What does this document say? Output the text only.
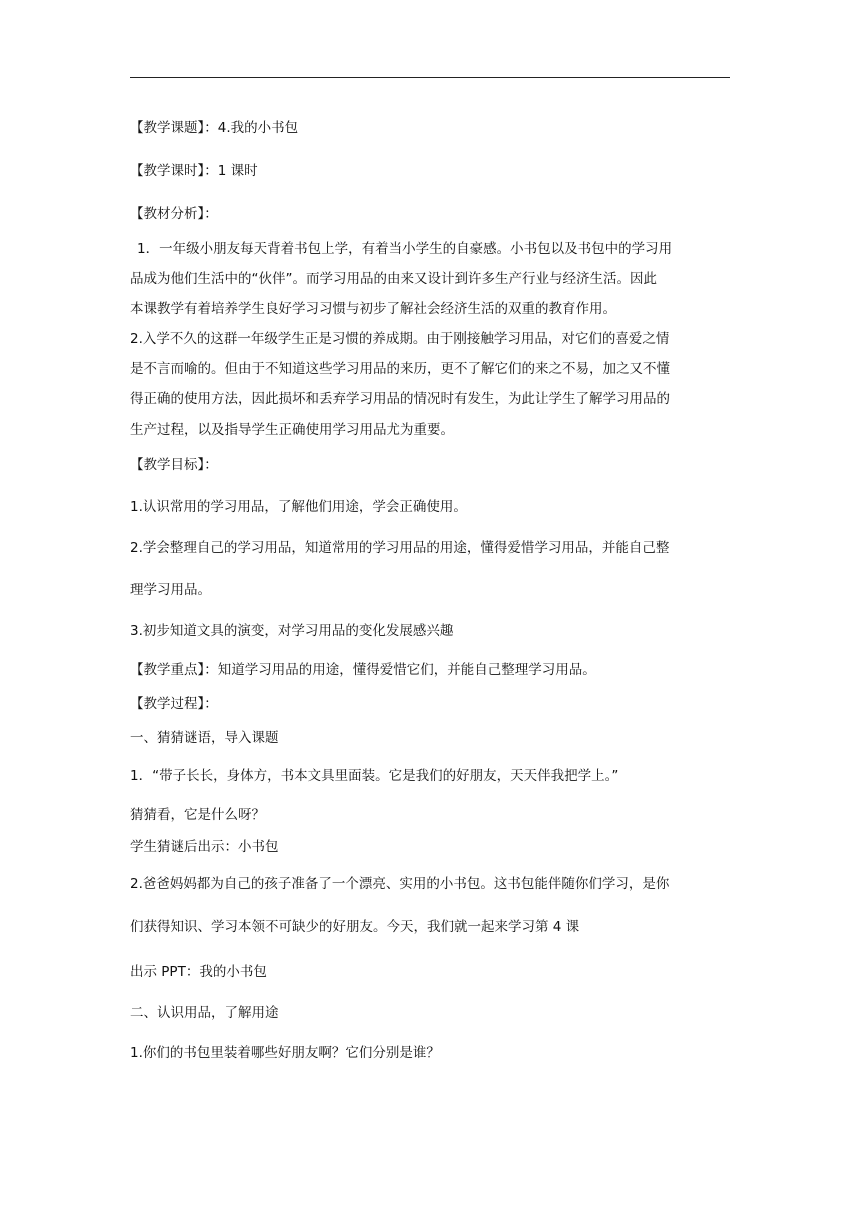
【教学课题】：4.我的小书包
【教学课时】：1 课时
【教材分析】：
1．一年级小朋友每天背着书包上学，有着当小学生的自豪感。小书包以及书包中的学习用
品成为他们生活中的“伙伴”。而学习用品的由来又设计到许多生产行业与经济生活。因此
本课教学有着培养学生良好学习习惯与初步了解社会经济生活的双重的教育作用。
2.入学不久的这群一年级学生正是习惯的养成期。由于刚接触学习用品，对它们的喜爱之情
是不言而喻的。但由于不知道这些学习用品的来历，更不了解它们的来之不易，加之又不懂
得正确的使用方法，因此损坏和丢弃学习用品的情况时有发生，为此让学生了解学习用品的
生产过程，以及指导学生正确使用学习用品尤为重要。
【教学目标】：
1.认识常用的学习用品，了解他们用途，学会正确使用。
2.学会整理自己的学习用品，知道常用的学习用品的用途，懂得爱惜学习用品，并能自己整
理学习用品。
3.初步知道文具的演变，对学习用品的变化发展感兴趣
【教学重点】：知道学习用品的用途，懂得爱惜它们，并能自己整理学习用品。
【教学过程】：
一、猜猜谜语，导入课题
1．“带子长长，身体方，书本文具里面装。它是我们的好朋友，天天伴我把学上。”
猜猜看，它是什么呀？
学生猜谜后出示：小书包
2.爸爸妈妈都为自己的孩子准备了一个漂亮、实用的小书包。这书包能伴随你们学习，是你
们获得知识、学习本领不可缺少的好朋友。今天，我们就一起来学习第 4 课
出示 PPT：我的小书包
二、认识用品，了解用途
1.你们的书包里装着哪些好朋友啊？它们分别是谁？
